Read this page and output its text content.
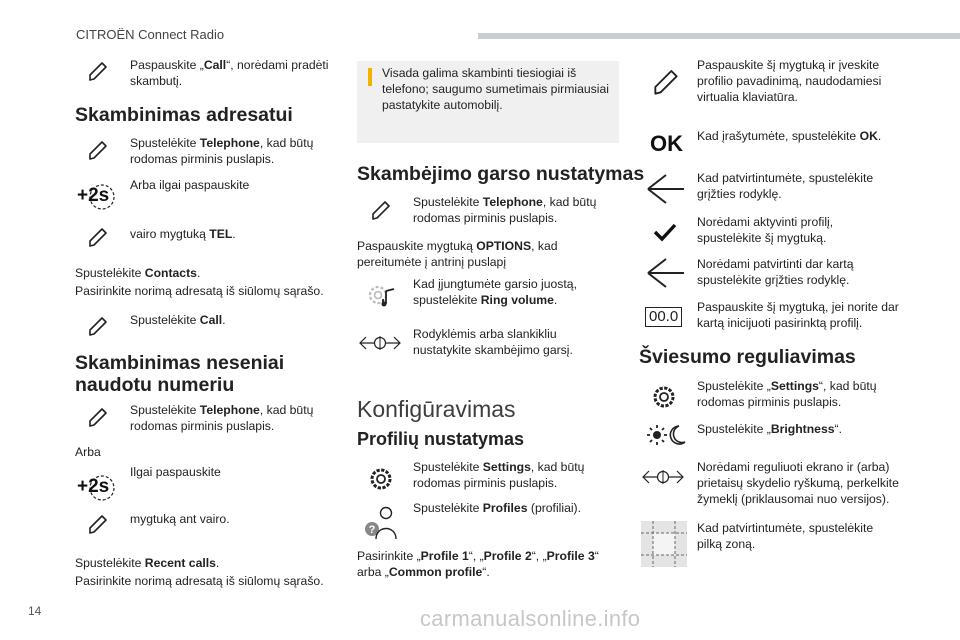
CITROËN Connect Radio
Paspauskite „Call“, norėdami pradėti skambutį.
Skambinimas adresatui
Spustelėkite Telephone, kad būtų rodomas pirminis puslapis.
Arba ilgai paspauskite
+2s
vairo mygtuką TEL.
Spustelėkite Contacts.
Pasirinkite norimą adresatą iš siūlomų sąrašo.
Spustelėkite Call.
Skambinimas neseniai naudotu numeriu
Spustelėkite Telephone, kad būtų rodomas pirminis puslapis.
Arba
Ilgai paspauskite
+2s
mygtuką ant vairo.
Spustelėkite Recent calls.
Pasirinkite norimą adresatą iš siūlomų sąrašo.
Visada galima skambinti tiesiogiai iš telefono; saugumo sumetimais pirmiausiai pastatykite automobilį.
Skambėjimo garso nustatymas
Spustelėkite Telephone, kad būtų rodomas pirminis puslapis.
Paspauskite mygtuką OPTIONS, kad pereitumėte į antrinį puslapį
Kad įjungtumėte garsio juostą, spustelėkite Ring volume.
Rodyklėmis arba slankikliu nustatykite skambėjimo garsį.
Konfigūravimas
Profilių nustatymas
Spustelėkite Settings, kad būtų rodomas pirminis puslapis.
?
Spustelėkite Profiles (profiliai).
Pasirinkite „Profile 1“, „Profile 2“, „Profile 3“ arba „Common profile“.
Paspauskite šį mygtuką ir įveskite profilio pavadinimą, naudodamiesi virtualia klaviatūra.
OK Kad įrašytumėte, spustelėkite OK.
Kad patvirtintumėte, spustelėkite grįžties rodyklę.
Norėdami aktyvinti profilį, spustelėkite šį mygtuką.
Norėdami patvirtinti dar kartą spustelėkite grįžties rodyklę.
00.0
Paspauskite šį mygtuką, jei norite dar kartą inicijuoti pasirinktą profilį.
Šviesumo reguliavimas
Spustelėkite „Settings“, kad būtų rodomas pirminis puslapis.
Spustelėkite „Brightness“.
Norėdami reguliuoti ekrano ir (arba) prietaisų skydelio ryškumą, perkelkite žymeklį (priklausomai nuo versijos).
Kad patvirtintumėte, spustelėkite pilką zoną.
14	carmanualsonline.info
